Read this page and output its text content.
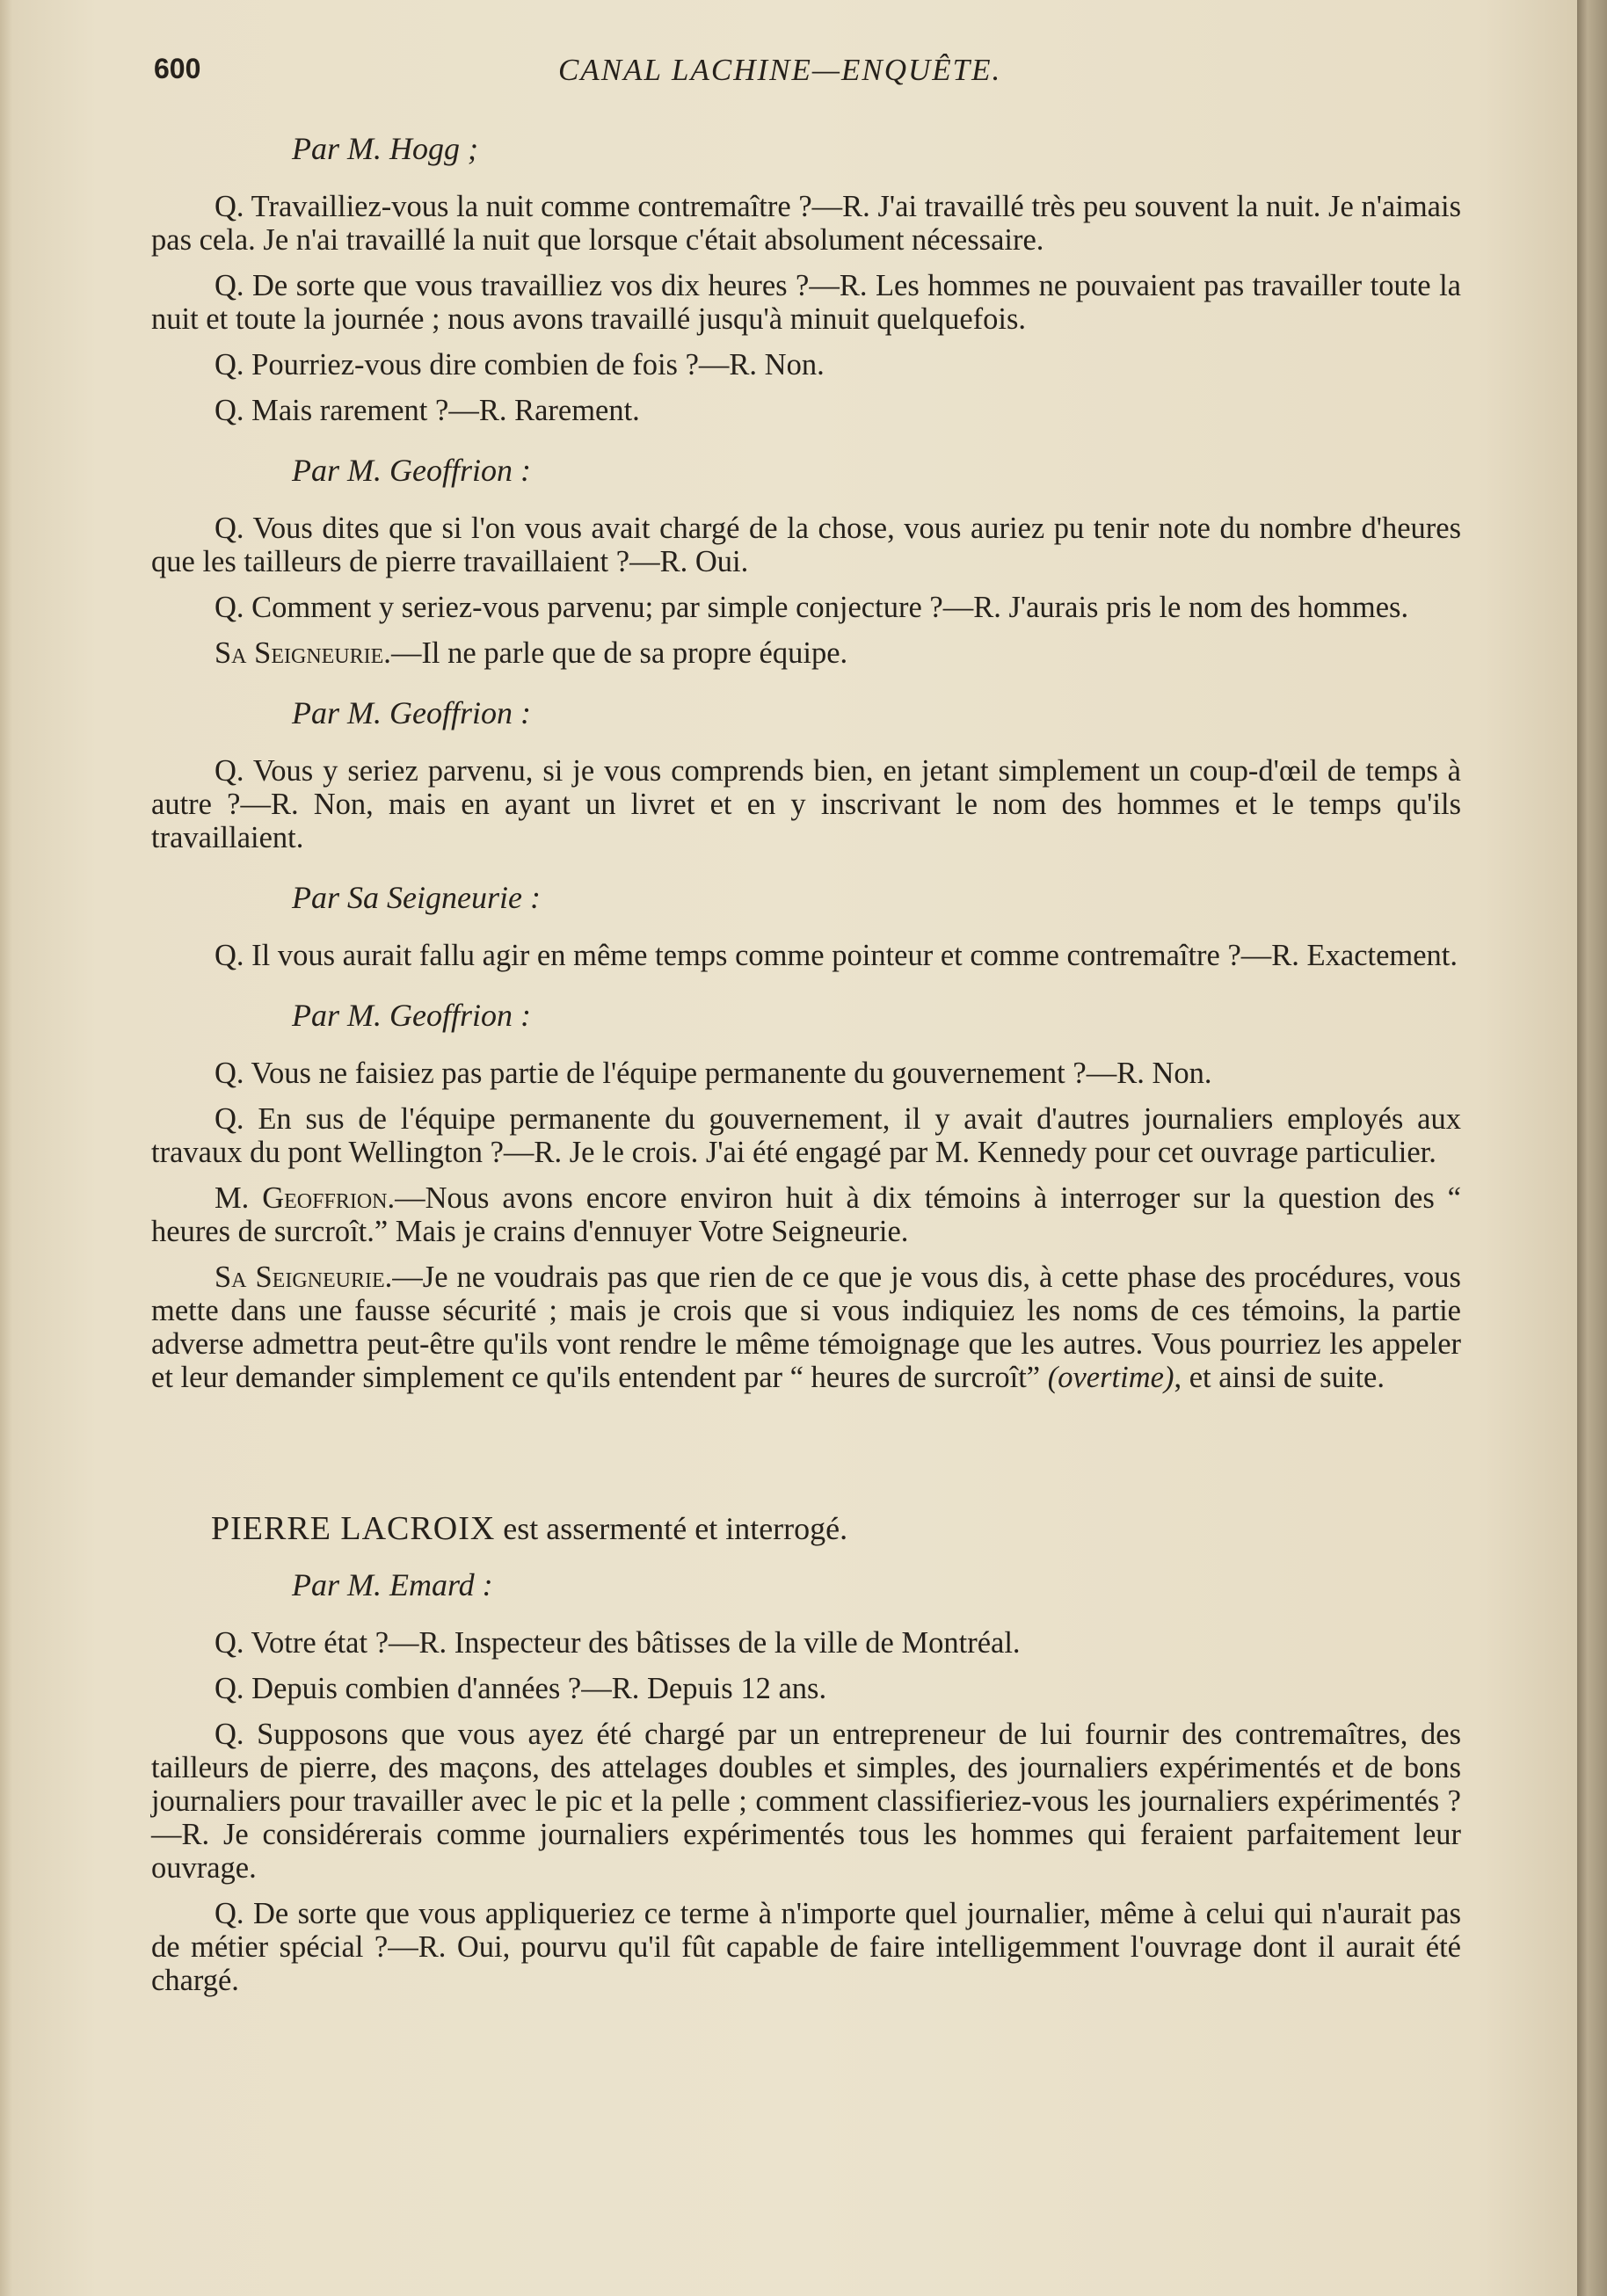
600	CANAL LACHINE—ENQUÊTE.
Par M. Hogg ;

Q. Travailliez-vous la nuit comme contremaître ?—R. J'ai travaillé très peu souvent la nuit. Je n'aimais pas cela. Je n'ai travaillé la nuit que lorsque c'était absolument nécessaire.

Q. De sorte que vous travailliez vos dix heures ?—R. Les hommes ne pouvaient pas travailler toute la nuit et toute la journée ; nous avons travaillé jusqu'à minuit quelquefois.

Q. Pourriez-vous dire combien de fois ?—R. Non.

Q. Mais rarement ?—R. Rarement.

Par M. Geoffrion :

Q. Vous dites que si l'on vous avait chargé de la chose, vous auriez pu tenir note du nombre d'heures que les tailleurs de pierre travaillaient ?—R. Oui.

Q. Comment y seriez-vous parvenu; par simple conjecture ?—R. J'aurais pris le nom des hommes.

Sa Seigneurie.—Il ne parle que de sa propre équipe.

Par M. Geoffrion :

Q. Vous y seriez parvenu, si je vous comprends bien, en jetant simplement un coup-d'œil de temps à autre ?—R. Non, mais en ayant un livret et en y inscrivant le nom des hommes et le temps qu'ils travaillaient.

Par Sa Seigneurie :

Q. Il vous aurait fallu agir en même temps comme pointeur et comme contremaître ?—R. Exactement.

Par M. Geoffrion :

Q. Vous ne faisiez pas partie de l'équipe permanente du gouvernement ?—R. Non.

Q. En sus de l'équipe permanente du gouvernement, il y avait d'autres journaliers employés aux travaux du pont Wellington ?—R. Je le crois. J'ai été engagé par M. Kennedy pour cet ouvrage particulier.

M. Geoffrion.—Nous avons encore environ huit à dix témoins à interroger sur la question des “ heures de surcroît.” Mais je crains d'ennuyer Votre Seigneurie.

Sa Seigneurie.—Je ne voudrais pas que rien de ce que je vous dis, à cette phase des procédures, vous mette dans une fausse sécurité ; mais je crois que si vous indiquiez les noms de ces témoins, la partie adverse admettra peut-être qu'ils vont rendre le même témoignage que les autres. Vous pourriez les appeler et leur demander simplement ce qu'ils entendent par “ heures de surcroît” (overtime), et ainsi de suite.

PIERRE LACROIX est assermenté et interrogé.

Par M. Emard :

Q. Votre état ?—R. Inspecteur des bâtisses de la ville de Montréal.

Q. Depuis combien d'années ?—R. Depuis 12 ans.

Q. Supposons que vous ayez été chargé par un entrepreneur de lui fournir des contremaîtres, des tailleurs de pierre, des maçons, des attelages doubles et simples, des journaliers expérimentés et de bons journaliers pour travailler avec le pic et la pelle ; comment classifieriez-vous les journaliers expérimentés ?—R. Je considérerais comme journaliers expérimentés tous les hommes qui feraient parfaitement leur ouvrage.

Q. De sorte que vous appliqueriez ce terme à n'importe quel journalier, même à celui qui n'aurait pas de métier spécial ?—R. Oui, pourvu qu'il fût capable de faire intelligemment l'ouvrage dont il aurait été chargé.
